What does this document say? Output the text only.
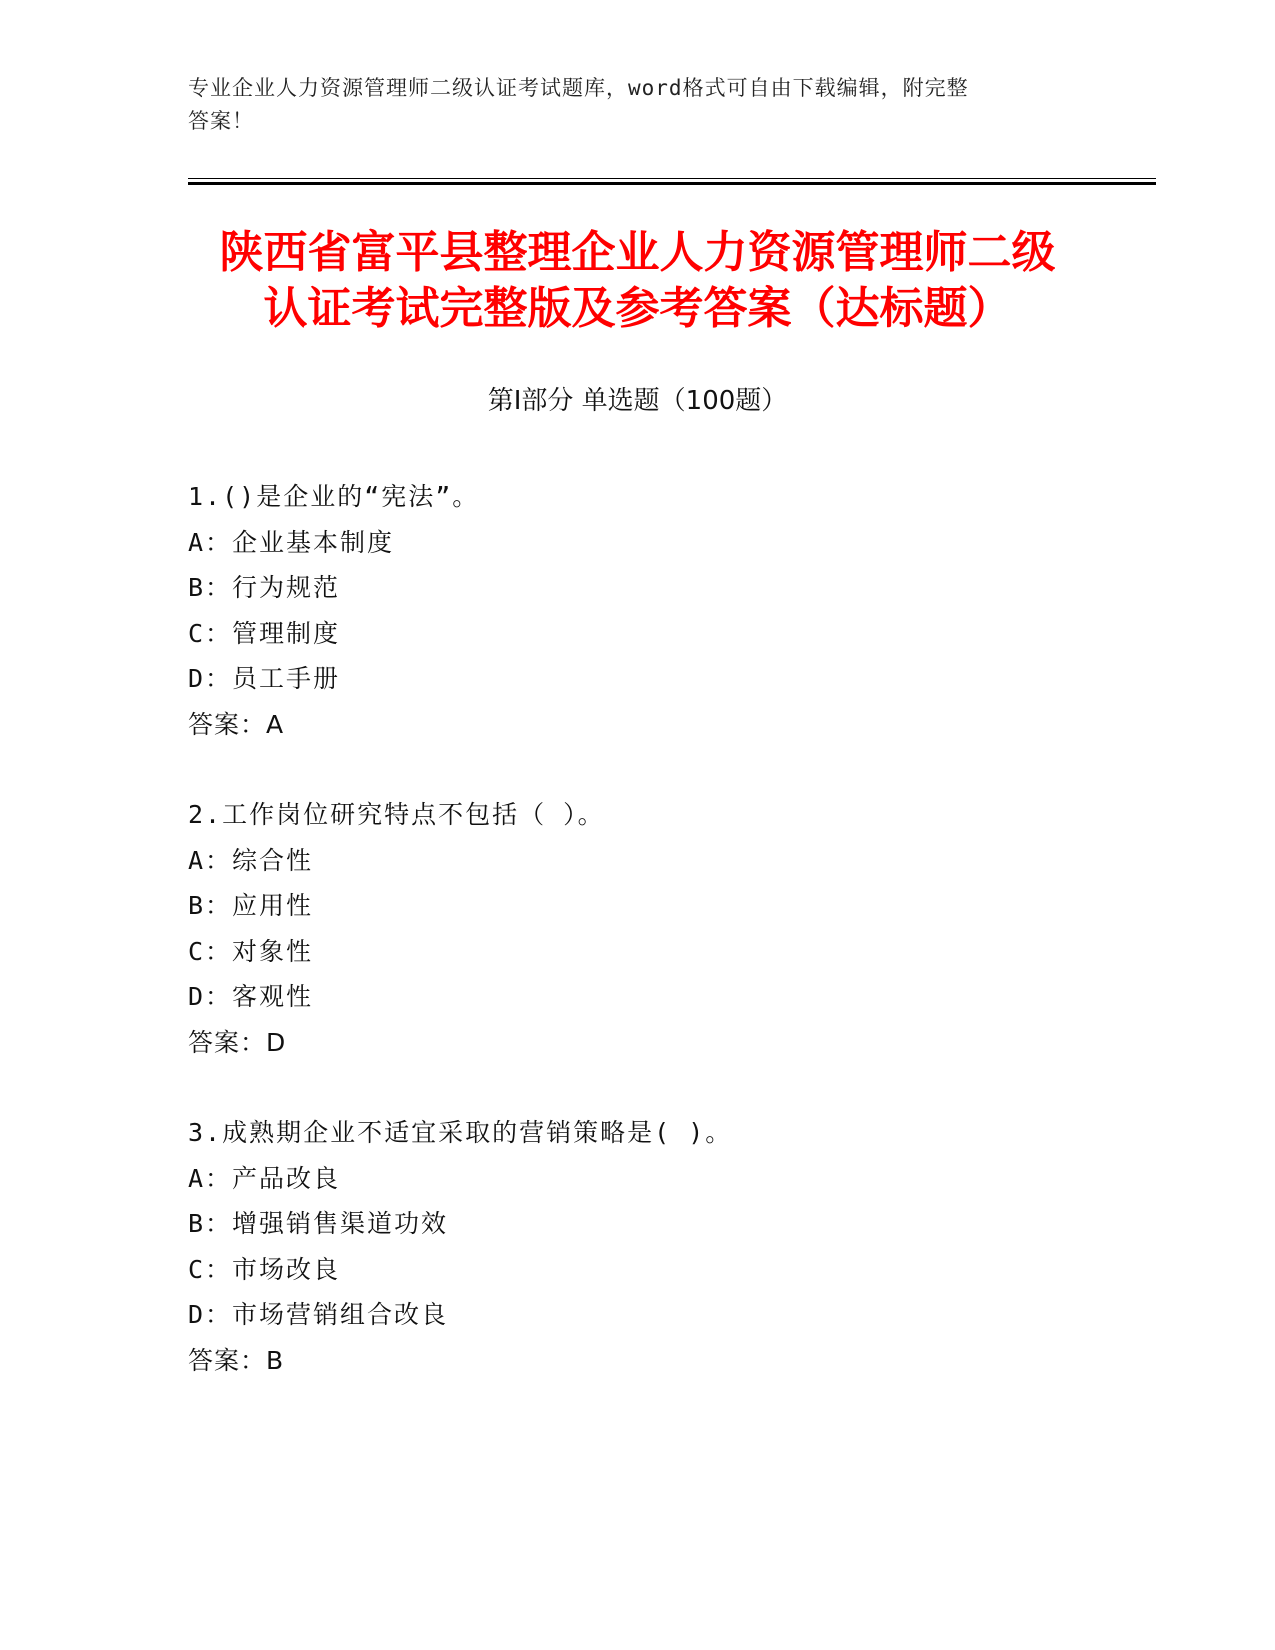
专业企业人力资源管理师二级认证考试题库，word格式可自由下载编辑，附完整
答案！
陕西省富平县整理企业人力资源管理师二级
认证考试完整版及参考答案（达标题）
第Ⅰ部分 单选题（100题）
1.()是企业的“宪法”。
A：企业基本制度
B：行为规范
C：管理制度
D：员工手册
答案：A
2.工作岗位研究特点不包括（ ）。
A：综合性
B：应用性
C：对象性
D：客观性
答案：D
3.成熟期企业不适宜采取的营销策略是( )。
A：产品改良
B：增强销售渠道功效
C：市场改良
D：市场营销组合改良
答案：B
